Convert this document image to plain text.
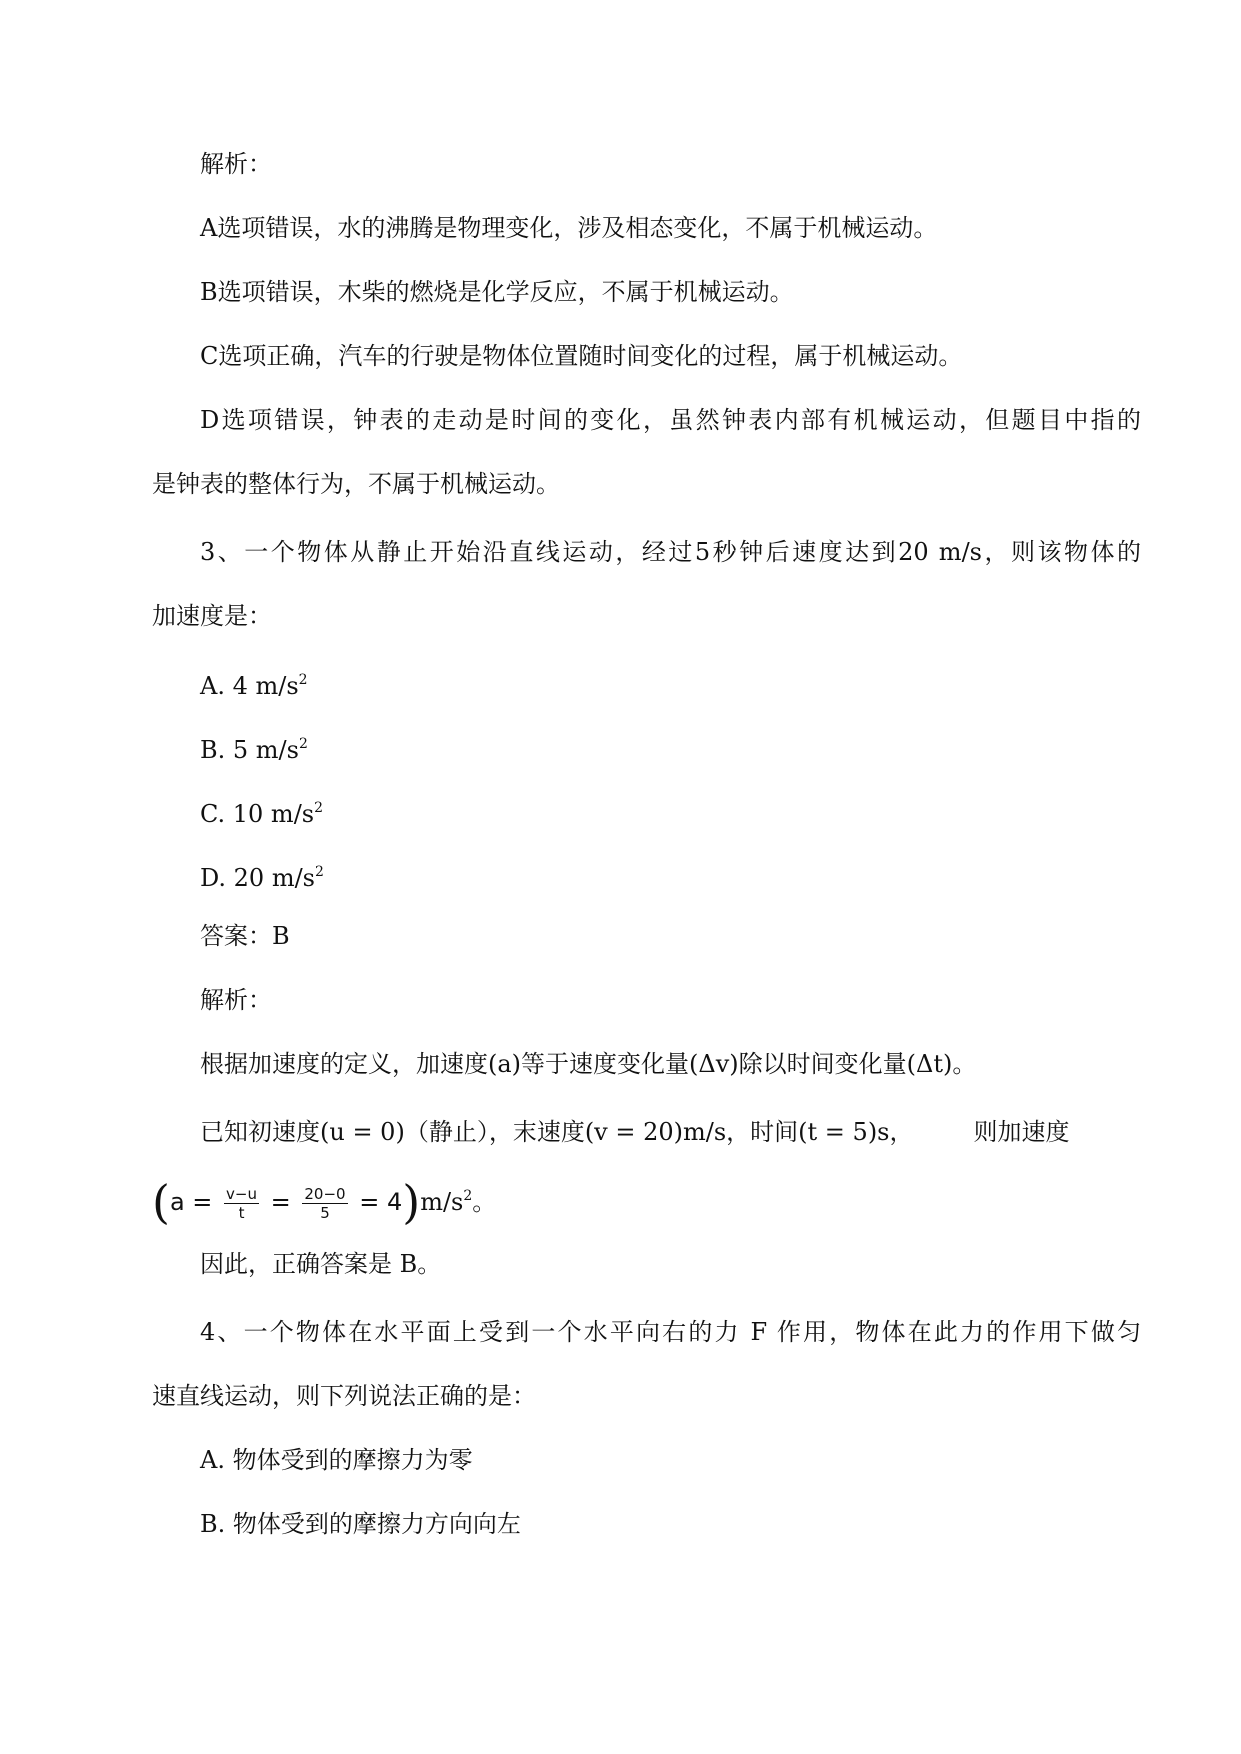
解析：
A选项错误，水的沸腾是物理变化，涉及相态变化，不属于机械运动。
B选项错误，木柴的燃烧是化学反应，不属于机械运动。
C选项正确，汽车的行驶是物体位置随时间变化的过程，属于机械运动。
D选项错误，钟表的走动是时间的变化，虽然钟表内部有机械运动，但题目中指的
是钟表的整体行为，不属于机械运动。
3、一个物体从静止开始沿直线运动，经过5秒钟后速度达到20 m/s，则该物体的
加速度是：
A. 4 $m/s^2$
B. 5 $m/s^2$
C. 10 $m/s^2$
D. 20 $m/s^2$
答案：B
解析：
根据加速度的定义，加速度(a)等于速度变化量(Δv)除以时间变化量(Δt)。
已知初速度(u = 0)（静止），末速度(v = 20)m/s，时间(t = 5)s，	则加速度
$(a = \frac{v-u}{t} = \frac{20-0}{5} = 4)m/s^2$。
因此，正确答案是 B。
4、一个物体在水平面上受到一个水平向右的力 F 作用，物体在此力的作用下做匀
速直线运动，则下列说法正确的是：
A. 物体受到的摩擦力为零
B. 物体受到的摩擦力方向向左
